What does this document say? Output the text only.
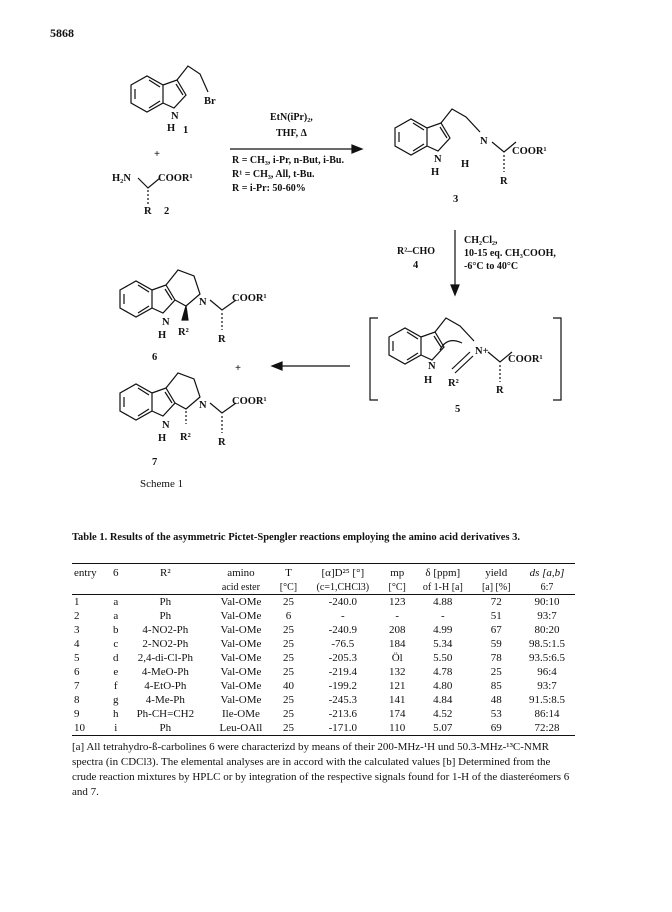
5868
N
H
Br
1
+
H₂N	COOR¹
R 2
EtN(iPr)₂,
THF, Δ
R = CH₃, i-Pr, n-But, i-Bu.
R¹ = CH₃, All, t-Bu.
R = i-Pr: 50-60%
N
H
H
N
COOR¹
R
3
R²–CHO
4
CH₂Cl₂,
10-15 eq. CH₃COOH,
-6°C to 40°C
N
H
N+
COOR¹
R²
R
5
N
H
N COOR¹
R²
R
6
+
N
H
N COOR¹
R²	R
7
Scheme 1
Table 1. Results of the asymmetric Pictet-Spengler reactions employing the amino acid derivatives 3.
entry	6	R²	amino	T	[α]D²⁵ [°]	mp	δ [ppm]	yield	ds [a,b]
			acid ester	[°C]	(c=1,CHCl3)	[°C]	of 1-H [a]	[a] [%]	6:7
1	a	Ph	Val-OMe	25	-240.0	123	4.88	72	90:10
2	a	Ph	Val-OMe	6	-	-	-	51	93:7
3	b	4-NO2-Ph	Val-OMe	25	-240.9	208	4.99	67	80:20
4	c	2-NO2-Ph	Val-OMe	25	-76.5	184	5.34	59	98.5:1.5
5	d	2,4-di-Cl-Ph	Val-OMe	25	-205.3	Öl	5.50	78	93.5:6.5
6	e	4-MeO-Ph	Val-OMe	25	-219.4	132	4.78	25	96:4
7	f	4-EtO-Ph	Val-OMe	40	-199.2	121	4.80	85	93:7
8	g	4-Me-Ph	Val-OMe	25	-245.3	141	4.84	48	91.5:8.5
9	h	Ph-CH=CH2	Ile-OMe	25	-213.6	174	4.52	53	86:14
10	i	Ph	Leu-OAll	25	-171.0	110	5.07	69	72:28
[a] All tetrahydro-ß-carbolines 6 were characterizd by means of their 200-MHz-¹H und 50.3-MHz-¹³C-NMR spectra (in CDCl3). The elemental analyses are in accord with the calculated values [b] Determined from the crude reaction mixtures by HPLC or by integration of the respective signals found for 1-H of the diasteréomers 6 and 7.
